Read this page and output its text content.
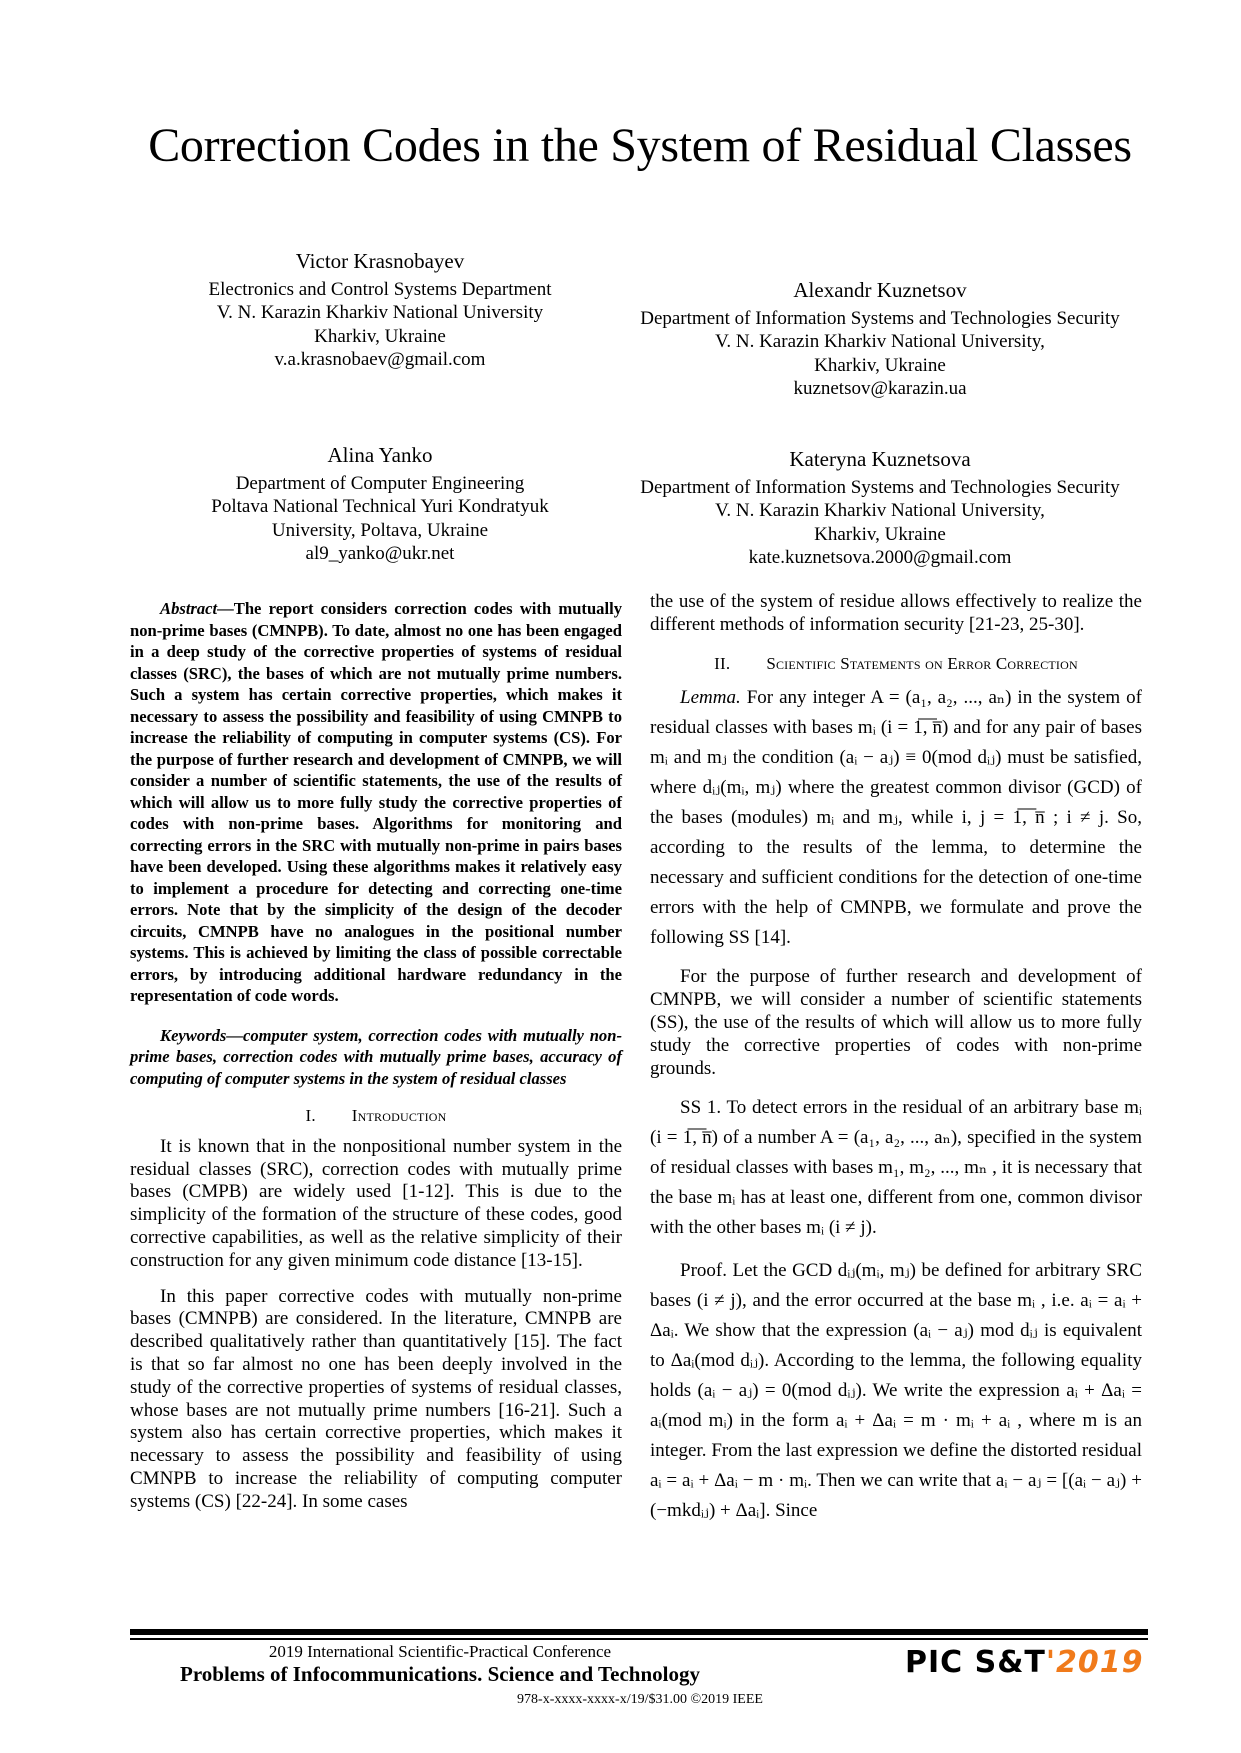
Correction Codes in the System of Residual Classes
Victor Krasnobayev
Electronics and Control Systems Department
V. N. Karazin Kharkiv National University
Kharkiv, Ukraine
v.a.krasnobaev@gmail.com
Alexandr Kuznetsov
Department of Information Systems and Technologies Security
V. N. Karazin Kharkiv National University,
Kharkiv, Ukraine
kuznetsov@karazin.ua
Alina Yanko
Department of Computer Engineering
Poltava National Technical Yuri Kondratyuk
University, Poltava, Ukraine
al9_yanko@ukr.net
Kateryna Kuznetsova
Department of Information Systems and Technologies Security
V. N. Karazin Kharkiv National University,
Kharkiv, Ukraine
kate.kuznetsova.2000@gmail.com

Abstract—The report considers correction codes with mutually non-prime bases (CMNPB). To date, almost no one has been engaged in a deep study of the corrective properties of systems of residual classes (SRC), the bases of which are not mutually prime numbers. Such a system has certain corrective properties, which makes it necessary to assess the possibility and feasibility of using CMNPB to increase the reliability of computing in computer systems (CS). For the purpose of further research and development of CMNPB, we will consider a number of scientific statements, the use of the results of which will allow us to more fully study the corrective properties of codes with non-prime bases. Algorithms for monitoring and correcting errors in the SRC with mutually non-prime in pairs bases have been developed. Using these algorithms makes it relatively easy to implement a procedure for detecting and correcting one-time errors. Note that by the simplicity of the design of the decoder circuits, CMNPB have no analogues in the positional number systems. This is achieved by limiting the class of possible correctable errors, by introducing additional hardware redundancy in the representation of code words.

Keywords—computer system, correction codes with mutually non-prime bases, correction codes with mutually prime bases, accuracy of computing of computer systems in the system of residual classes

I. Introduction

It is known that in the nonpositional number system in the residual classes (SRC), correction codes with mutually prime bases (CMPB) are widely used [1-12]. This is due to the simplicity of the formation of the structure of these codes, good corrective capabilities, as well as the relative simplicity of their construction for any given minimum code distance [13-15].

In this paper corrective codes with mutually non-prime bases (CMNPB) are considered. In the literature, CMNPB are described qualitatively rather than quantitatively [15]. The fact is that so far almost no one has been deeply involved in the study of the corrective properties of systems of residual classes, whose bases are not mutually prime numbers [16-21]. Such a system also has certain corrective properties, which makes it necessary to assess the possibility and feasibility of using CMNPB to increase the reliability of computing computer systems (CS) [22-24]. In some cases

the use of the system of residue allows effectively to realize the different methods of information security [21-23, 25-30].

II. Scientific Statements on Error Correction

Lemma. For any integer A = (a₁, a₂, ..., aₙ) in the system of residual classes with bases mᵢ (i = 1̅,̅ ̅n̅) and for any pair of bases mᵢ and mⱼ the condition (aᵢ − aⱼ) ≡ 0(mod dᵢⱼ) must be satisfied, where dᵢⱼ(mᵢ, mⱼ) where the greatest common divisor (GCD) of the bases (modules) mᵢ and mⱼ, while i, j = 1̅,̅ ̅n̅ ; i ≠ j. So, according to the results of the lemma, to determine the necessary and sufficient conditions for the detection of one-time errors with the help of CMNPB, we formulate and prove the following SS [14].

For the purpose of further research and development of CMNPB, we will consider a number of scientific statements (SS), the use of the results of which will allow us to more fully study the corrective properties of codes with non-prime grounds.

SS 1. To detect errors in the residual of an arbitrary base mᵢ (i = 1̅,̅ ̅n̅) of a number A = (a₁, a₂, ..., aₙ), specified in the system of residual classes with bases m₁, m₂, ..., mₙ , it is necessary that the base mᵢ has at least one, different from one, common divisor with the other bases mᵢ (i ≠ j).

Proof. Let the GCD dᵢⱼ(mᵢ, mⱼ) be defined for arbitrary SRC bases (i ≠ j), and the error occurred at the base mᵢ , i.e. aᵢ = aᵢ + Δaᵢ. We show that the expression (aᵢ − aⱼ) mod dᵢⱼ is equivalent to Δaᵢ(mod dᵢⱼ). According to the lemma, the following equality holds (aᵢ − aⱼ) = 0(mod dᵢⱼ). We write the expression aᵢ + Δaᵢ = aᵢ(mod mᵢ) in the form aᵢ + Δaᵢ = m · mᵢ + aᵢ , where m is an integer. From the last expression we define the distorted residual aᵢ = aᵢ + Δaᵢ − m · mᵢ. Then we can write that aᵢ − aⱼ = [(aᵢ − aⱼ) + (−mkdᵢⱼ) + Δaᵢ]. Since

2019 International Scientific-Practical Conference
Problems of Infocommunications. Science and Technology	PIC S&T'2019
978-x-xxxx-xxxx-x/19/$31.00 ©2019 IEEE
